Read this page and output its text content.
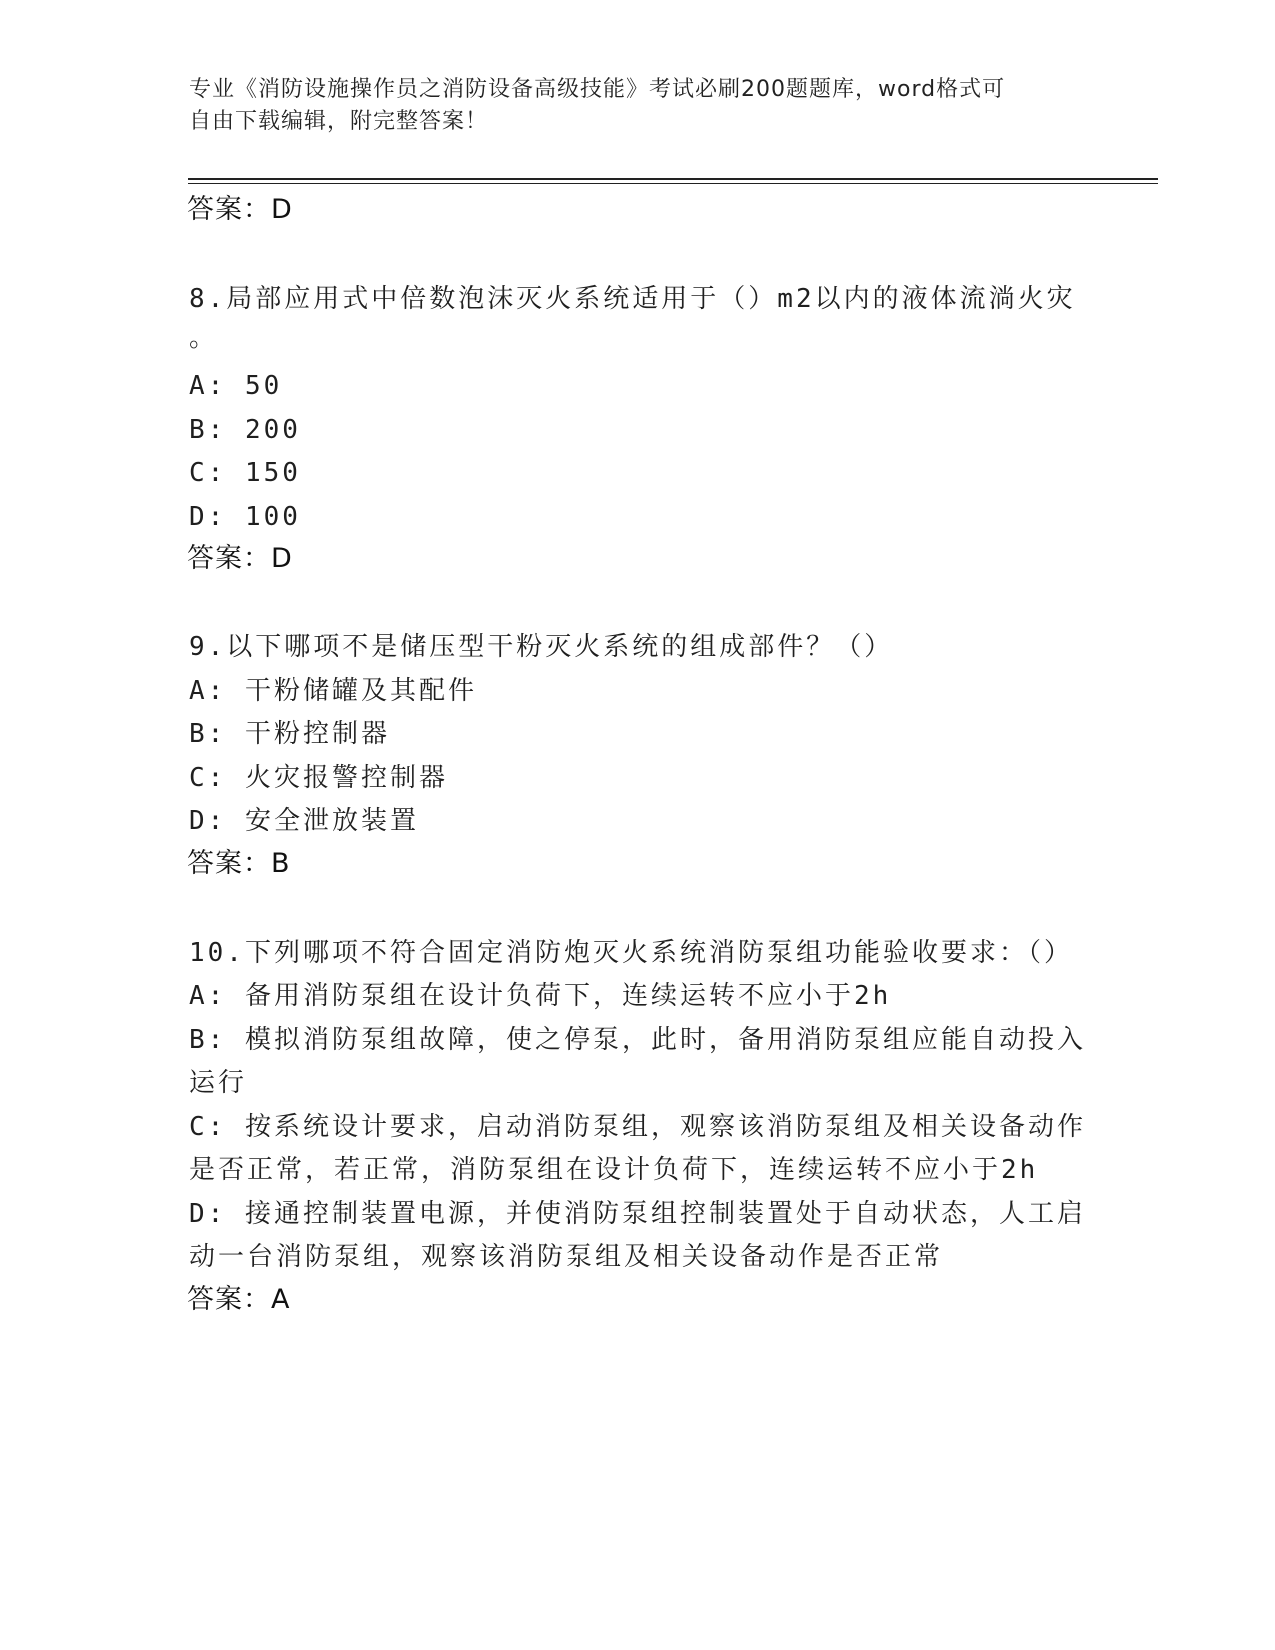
专业《消防设施操作员之消防设备高级技能》考试必刷200题题库，word格式可
自由下载编辑，附完整答案！
答案：D
8.局部应用式中倍数泡沫灭火系统适用于（）m2以内的液体流淌火灾
。
A: 50
B: 200
C: 150
D: 100
答案：D
9.以下哪项不是储压型干粉灭火系统的组成部件？（）
A: 干粉储罐及其配件
B: 干粉控制器
C: 火灾报警控制器
D: 安全泄放装置
答案：B
10.下列哪项不符合固定消防炮灭火系统消防泵组功能验收要求：（）
A: 备用消防泵组在设计负荷下，连续运转不应小于2h
B: 模拟消防泵组故障，使之停泵，此时，备用消防泵组应能自动投入
运行
C: 按系统设计要求，启动消防泵组，观察该消防泵组及相关设备动作
是否正常，若正常，消防泵组在设计负荷下，连续运转不应小于2h
D: 接通控制装置电源，并使消防泵组控制装置处于自动状态，人工启
动一台消防泵组，观察该消防泵组及相关设备动作是否正常
答案：A
